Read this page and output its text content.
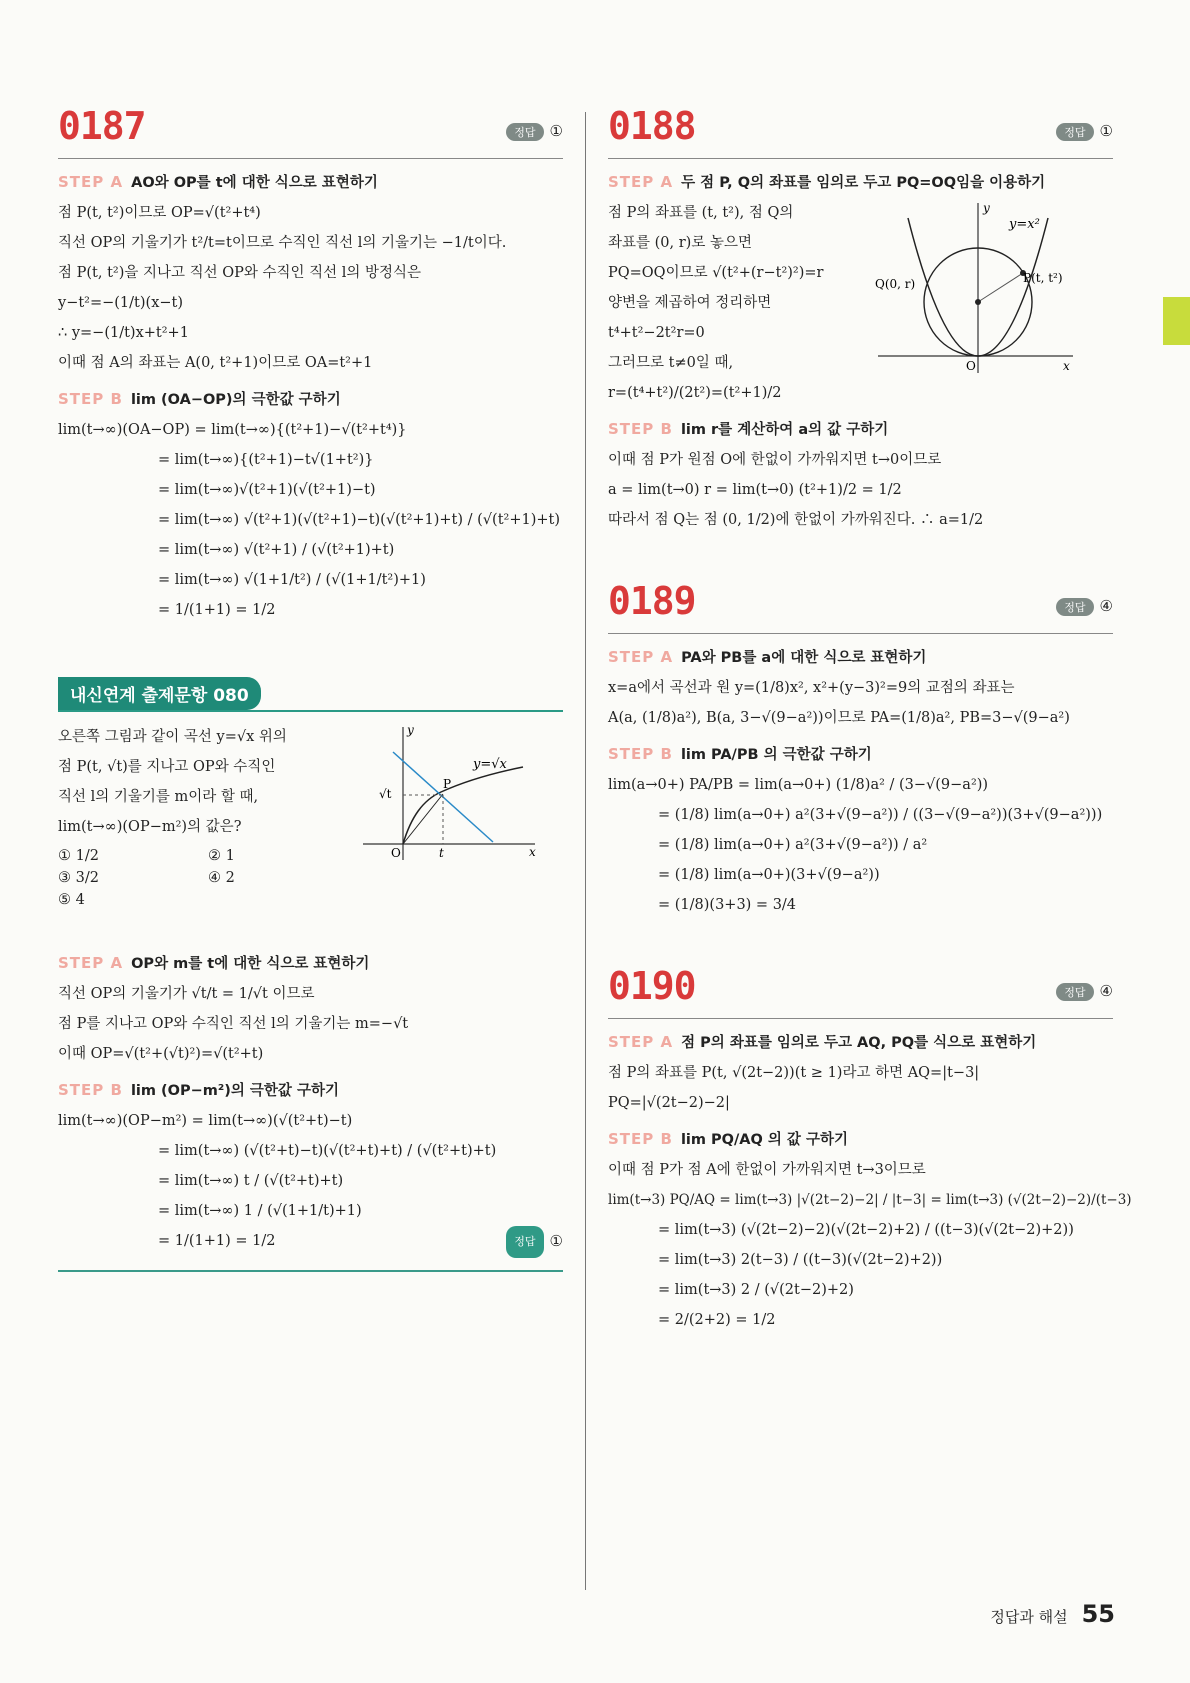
0187	정답 ①
STEP A AO와 OP를 t에 대한 식으로 표현하기
점 P(t, t²)이므로 OP=√(t²+t⁴)
직선 OP의 기울기가 t²/t=t이므로 수직인 직선 l의 기울기는 −1/t이다.
점 P(t, t²)을 지나고 직선 OP와 수직인 직선 l의 방정식은
y−t²=−(1/t)(x−t)
∴ y=−(1/t)x+t²+1
이때 점 A의 좌표는 A(0, t²+1)이므로 OA=t²+1
STEP B lim (OA−OP)의 극한값 구하기
lim(t→∞)(OA−OP) = lim(t→∞){(t²+1)−√(t²+t⁴)}
= lim(t→∞){(t²+1)−t√(1+t²)}
= lim(t→∞)√(t²+1)(√(t²+1)−t)
= lim(t→∞) √(t²+1)(√(t²+1)−t)(√(t²+1)+t) / (√(t²+1)+t)
= lim(t→∞) √(t²+1) / (√(t²+1)+t)
= lim(t→∞) √(1+1/t²) / (√(1+1/t²)+1)
= 1/(1+1) = 1/2
내신연계 출제문항 080
오른쪽 그림과 같이 곡선 y=√x 위의
점 P(t, √t)를 지나고 OP와 수직인
직선 l의 기울기를 m이라 할 때,
lim(t→∞)(OP−m²)의 값은?
① 1/2	② 1
③ 3/2	④ 2
⑤ 4
y
x
O	t
√t
P
y=√x
STEP A OP와 m를 t에 대한 식으로 표현하기
직선 OP의 기울기가 √t/t = 1/√t 이므로
점 P를 지나고 OP와 수직인 직선 l의 기울기는 m=−√t
이때 OP=√(t²+(√t)²)=√(t²+t)
STEP B lim (OP−m²)의 극한값 구하기
lim(t→∞)(OP−m²) = lim(t→∞)(√(t²+t)−t)
= lim(t→∞) (√(t²+t)−t)(√(t²+t)+t) / (√(t²+t)+t)
= lim(t→∞) t / (√(t²+t)+t)
= lim(t→∞) 1 / (√(1+1/t)+1)
= 1/(1+1) = 1/2	정답 ①
0188	정답 ①
STEP A 두 점 P, Q의 좌표를 임의로 두고 PQ=OQ임을 이용하기
점 P의 좌표를 (t, t²), 점 Q의
좌표를 (0, r)로 놓으면
PQ=OQ이므로 √(t²+(r−t²)²)=r
양변을 제곱하여 정리하면
t⁴+t²−2t²r=0
그러므로 t≠0일 때,
r=(t⁴+t²)/(2t²)=(t²+1)/2
y
x
O
y=x²
Q(0, r)	P(t, t²)
STEP B lim r를 계산하여 a의 값 구하기
이때 점 P가 원점 O에 한없이 가까워지면 t→0이므로
a = lim(t→0) r = lim(t→0) (t²+1)/2 = 1/2
따라서 점 Q는 점 (0, 1/2)에 한없이 가까워진다. ∴ a=1/2
0189	정답 ④
STEP A PA와 PB를 a에 대한 식으로 표현하기
x=a에서 곡선과 원 y=(1/8)x², x²+(y−3)²=9의 교점의 좌표는
A(a, (1/8)a²), B(a, 3−√(9−a²))이므로 PA=(1/8)a², PB=3−√(9−a²)
STEP B lim PA/PB 의 극한값 구하기
lim(a→0+) PA/PB = lim(a→0+) (1/8)a² / (3−√(9−a²))
= (1/8) lim(a→0+) a²(3+√(9−a²)) / ((3−√(9−a²))(3+√(9−a²)))
= (1/8) lim(a→0+) a²(3+√(9−a²)) / a²
= (1/8) lim(a→0+)(3+√(9−a²))
= (1/8)(3+3) = 3/4
0190	정답 ④
STEP A 점 P의 좌표를 임의로 두고 AQ, PQ를 식으로 표현하기
점 P의 좌표를 P(t, √(2t−2))(t ≥ 1)라고 하면 AQ=|t−3|
PQ=|√(2t−2)−2|
STEP B lim PQ/AQ 의 값 구하기
이때 점 P가 점 A에 한없이 가까워지면 t→3이므로
lim(t→3) PQ/AQ = lim(t→3) |√(2t−2)−2| / |t−3| = lim(t→3) (√(2t−2)−2)/(t−3)
= lim(t→3) (√(2t−2)−2)(√(2t−2)+2) / ((t−3)(√(2t−2)+2))
= lim(t→3) 2(t−3) / ((t−3)(√(2t−2)+2))
= lim(t→3) 2 / (√(2t−2)+2)
= 2/(2+2) = 1/2
정답과 해설 55
